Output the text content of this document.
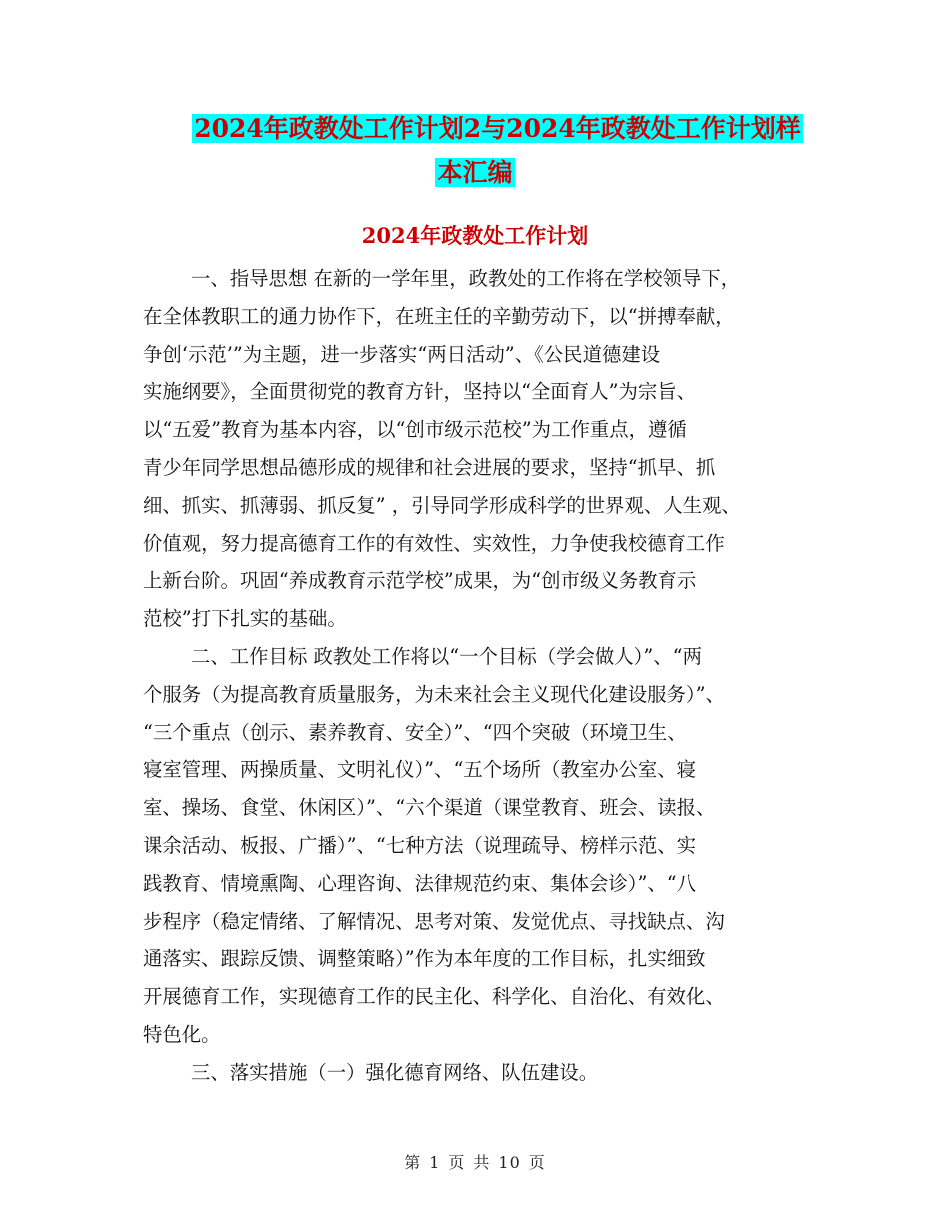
2024年政教处工作计划2与2024年政教处工作计划样
本汇编
2024年政教处工作计划
一、指导思想 在新的一学年里，政教处的工作将在学校领导下，
在全体教职工的通力协作下，在班主任的辛勤劳动下，以“拼搏奉献，
争创‘示范’”为主题，进一步落实“两日活动”、《公民道德建设
实施纲要》，全面贯彻党的教育方针，坚持以“全面育人”为宗旨、
以“五爱”教育为基本内容，以“创市级示范校”为工作重点，遵循
青少年同学思想品德形成的规律和社会进展的要求，坚持“抓早、抓
细、抓实、抓薄弱、抓反复” ，引导同学形成科学的世界观、人生观、
价值观，努力提高德育工作的有效性、实效性，力争使我校德育工作
上新台阶。巩固“养成教育示范学校”成果，为“创市级义务教育示
范校”打下扎实的基础。
二、工作目标 政教处工作将以“一个目标（学会做人）”、“两
个服务（为提高教育质量服务，为未来社会主义现代化建设服务）”、
“三个重点（创示、素养教育、安全）”、“四个突破（环境卫生、
寝室管理、两操质量、文明礼仪）”、“五个场所（教室办公室、寝
室、操场、食堂、休闲区）”、“六个渠道（课堂教育、班会、读报、
课余活动、板报、广播）”、“七种方法（说理疏导、榜样示范、实
践教育、情境熏陶、心理咨询、法律规范约束、集体会诊）”、“八
步程序（稳定情绪、了解情况、思考对策、发觉优点、寻找缺点、沟
通落实、跟踪反馈、调整策略）”作为本年度的工作目标，扎实细致
开展德育工作，实现德育工作的民主化、科学化、自治化、有效化、
特色化。
三、落实措施（一）强化德育网络、队伍建设。
第 1 页 共 10 页
